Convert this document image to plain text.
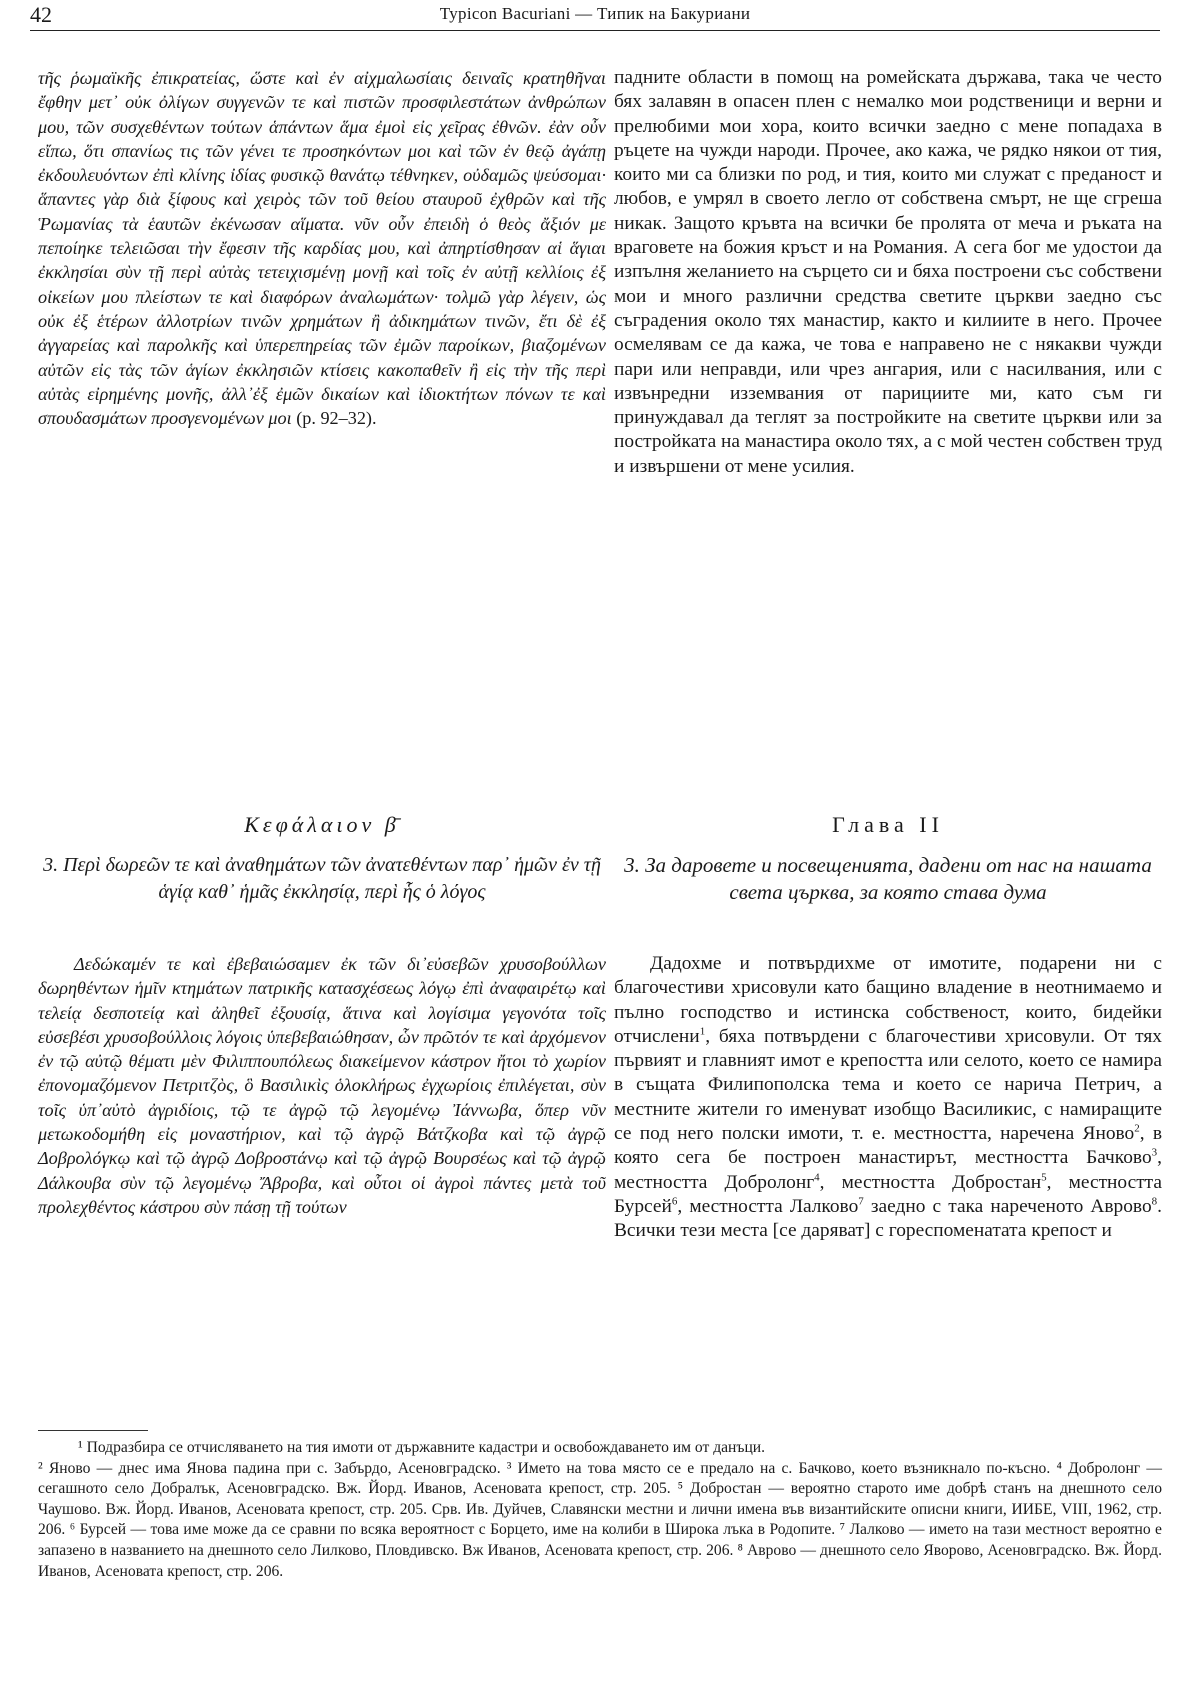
42	Typicon Bacuriani — Типик на Бакуриани

τῆς ῥωμαϊκῆς ἐπικρατείας, ὥστε καὶ ἐν αἰχμαλωσίαις δειναῖς κρατηθῆναι ἔφθην μετ᾽ οὐκ ὀλίγων συγγενῶν τε καὶ πιστῶν προσφιλεστάτων ἀνθρώπων μου, τῶν συσχεθέντων τούτων ἁπάντων ἅμα ἐμοὶ εἰς χεῖρας ἐθνῶν. ἐὰν οὖν εἴπω, ὅτι σπανίως τις τῶν γένει τε προσηκόντων μοι καὶ τῶν ἐν θεῷ ἀγάπῃ ἐκδουλευόντων ἐπὶ κλίνης ἰδίας φυσικῷ θανάτῳ τέθνηκεν, οὐδαμῶς ψεύσομαι· ἅπαντες γὰρ διὰ ξίφους καὶ χειρὸς τῶν τοῦ θείου σταυροῦ ἐχθρῶν καὶ τῆς Ῥωμανίας τὰ ἑαυτῶν ἐκένωσαν αἵματα. νῦν οὖν ἐπειδὴ ὁ θεὸς ἄξιόν με πεποίηκε τελειῶσαι τὴν ἔφεσιν τῆς καρδίας μου, καὶ ἀπηρτίσθησαν αἱ ἅγιαι ἐκκλησίαι σὺν τῇ περὶ αὐτὰς τετειχισμένῃ μονῇ καὶ τοῖς ἐν αὐτῇ κελλίοις ἐξ οἰκείων μου πλείστων τε καὶ διαφόρων ἀναλωμάτων· τολμῶ γὰρ λέγειν, ὡς οὐκ ἐξ ἑτέρων ἀλλοτρίων τινῶν χρημάτων ἢ ἀδικημάτων τινῶν, ἔτι δὲ ἐξ ἀγγαρείας καὶ παρολκῆς καὶ ὑπερεπηρείας τῶν ἐμῶν παροίκων, βιαζομένων αὐτῶν εἰς τὰς τῶν ἁγίων ἐκκλησιῶν κτίσεις κακοπαθεῖν ἢ εἰς τὴν τῆς περὶ αὐτὰς εἰρημένης μονῆς, ἀλλ᾽ἐξ ἐμῶν δικαίων καὶ ἰδιοκτήτων πόνων τε καὶ σπουδασμάτων προσγενομένων μοι (p. 92–32).

падните области в помощ на ромейската държава, така че често бях залавян в опасен плен с немалко мои родственици и верни и прелюбими мои хора, които всички заедно с мене попадаха в ръцете на чужди народи. Прочее, ако кажа, че рядко някои от тия, които ми са близки по род, и тия, които ми служат с преданост и любов, е умрял в своето легло от собствена смърт, не ще сгреша никак. Защото кръвта на всички бе пролята от меча и ръката на враговете на божия кръст и на Романия. А сега бог ме удостои да изпълня желанието на сърцето си и бяха построени със собствени мои и много различни средства светите църкви заедно със съградения около тях манастир, както и килиите в него. Прочее осмелявам се да кажа, че това е направено не с някакви чужди пари или неправди, или чрез ангария, или с насилвания, или с извънредни изземвания от парициите ми, като съм ги принуждавал да теглят за постройките на светите църкви или за постройката на манастира около тях, а с мой честен собствен труд и извършени от мене усилия.

Κεφάλαιον β̄	Глава II
3. Περὶ δωρεῶν τε καὶ ἀναθημάτων τῶν ἀνατεθέντων παρ᾽ ἡμῶν ἐν τῇ ἁγίᾳ καθ᾽ ἡμᾶς ἐκκλησίᾳ, περὶ ἧς ὁ λόγος
3. За даровете и посвещенията, дадени от нас на нашата света църква, за която става дума

Δεδώκαμέν τε καὶ ἐβεβαιώσαμεν ἐκ τῶν δι᾽εὐσεβῶν χρυσοβούλλων δωρηθέντων ἡμῖν κτημάτων πατρικῆς κατασχέσεως λόγῳ ἐπὶ ἀναφαιρέτῳ καὶ τελείᾳ δεσποτείᾳ καὶ ἀληθεῖ ἐξουσίᾳ, ἅτινα καὶ λογίσιμα γεγονότα τοῖς εὐσεβέσι χρυσοβούλλοις λόγοις ὑπεβεβαιώθησαν, ὧν πρῶτόν τε καὶ ἀρχόμενον ἐν τῷ αὐτῷ θέματι μὲν Φιλιππουπόλεως διακείμενον κάστρον ἤτοι τὸ χωρίον ἐπονομαζόμενον Πετριτζὸς, ὃ Βασιλικὶς ὁλοκλήρως ἐγχωρίοις ἐπιλέγεται, σὺν τοῖς ὑπ᾽αὐτὸ ἀγριδίοις, τῷ τε ἀγρῷ τῷ λεγομένῳ Ἰάννωβα, ὅπερ νῦν μετωκοδομήθη εἰς μοναστήριον, καὶ τῷ ἀγρῷ Βάτζκοβα καὶ τῷ ἀγρῷ Δοβρολόγκῳ καὶ τῷ ἀγρῷ Δοβροστάνῳ καὶ τῷ ἀγρῷ Βουρσέως καὶ τῷ ἀγρῷ Δάλκουβα σὺν τῷ λεγομένῳ Ἄβροβα, καὶ οὗτοι οἱ ἀγροὶ πάντες μετὰ τοῦ προλεχθέντος κάστρου σὺν πάσῃ τῇ τούτων

Дадохме и потвърдихме от имотите, подарени ни с благочестиви хрисовули като бащино владение в неотнимаемо и пълно господство и истинска собственост, които, бидейки отчислени$^1$, бяха потвърдени с благочестиви хрисовули. От тях първият и главният имот е крепостта или селото, което се намира в същата Филипополска тема и което се нарича Петрич, а местните жители го именуват изобщо Василикис, с намиращите се под него полски имоти, т. е. местността, наречена Яново$^2$, в която сега бе построен манастирът, местността Бачково$^3$, местността Добролонг$^4$, местността Добростан$^5$, местността Бурсей$^6$, местността Лалково$^7$ заедно с така нареченото Аврово$^8$. Всички тези места [се даряват] с гореспоменатата крепост и

¹ Подразбира се отчисляването на тия имоти от държавните кадастри и освобождаването им от данъци.
² Яново — днес има Янова падина при с. Забърдо, Асеновградско. ³ Името на това място се е предало на с. Бачково, което възникнало по-късно. ⁴ Добролонг — сегашното село Добралък, Асеновградско. Вж. Йорд. Иванов, Асеновата крепост, стр. 205. ⁵ Добростан — вероятно старото име добрѣ станъ на днешното село Чаушово. Вж. Йорд. Иванов, Асеновата крепост, стр. 205. Срв. Ив. Дуйчев, Славянски местни и лични имена във византийските описни книги, ИИБЕ, VIII, 1962, стр. 206. ⁶ Бурсей — това име може да се сравни по всяка вероятност с Борцето, име на колиби в Широка лъка в Родопите. ⁷ Лалково — името на тази местност вероятно е запазено в названието на днешното село Лилково, Пловдивско. Вж Иванов, Асеновата крепост, стр. 206. ⁸ Аврово — днешното село Яворово, Асеновградско. Вж. Йорд. Иванов, Асеновата крепост, стр. 206.
